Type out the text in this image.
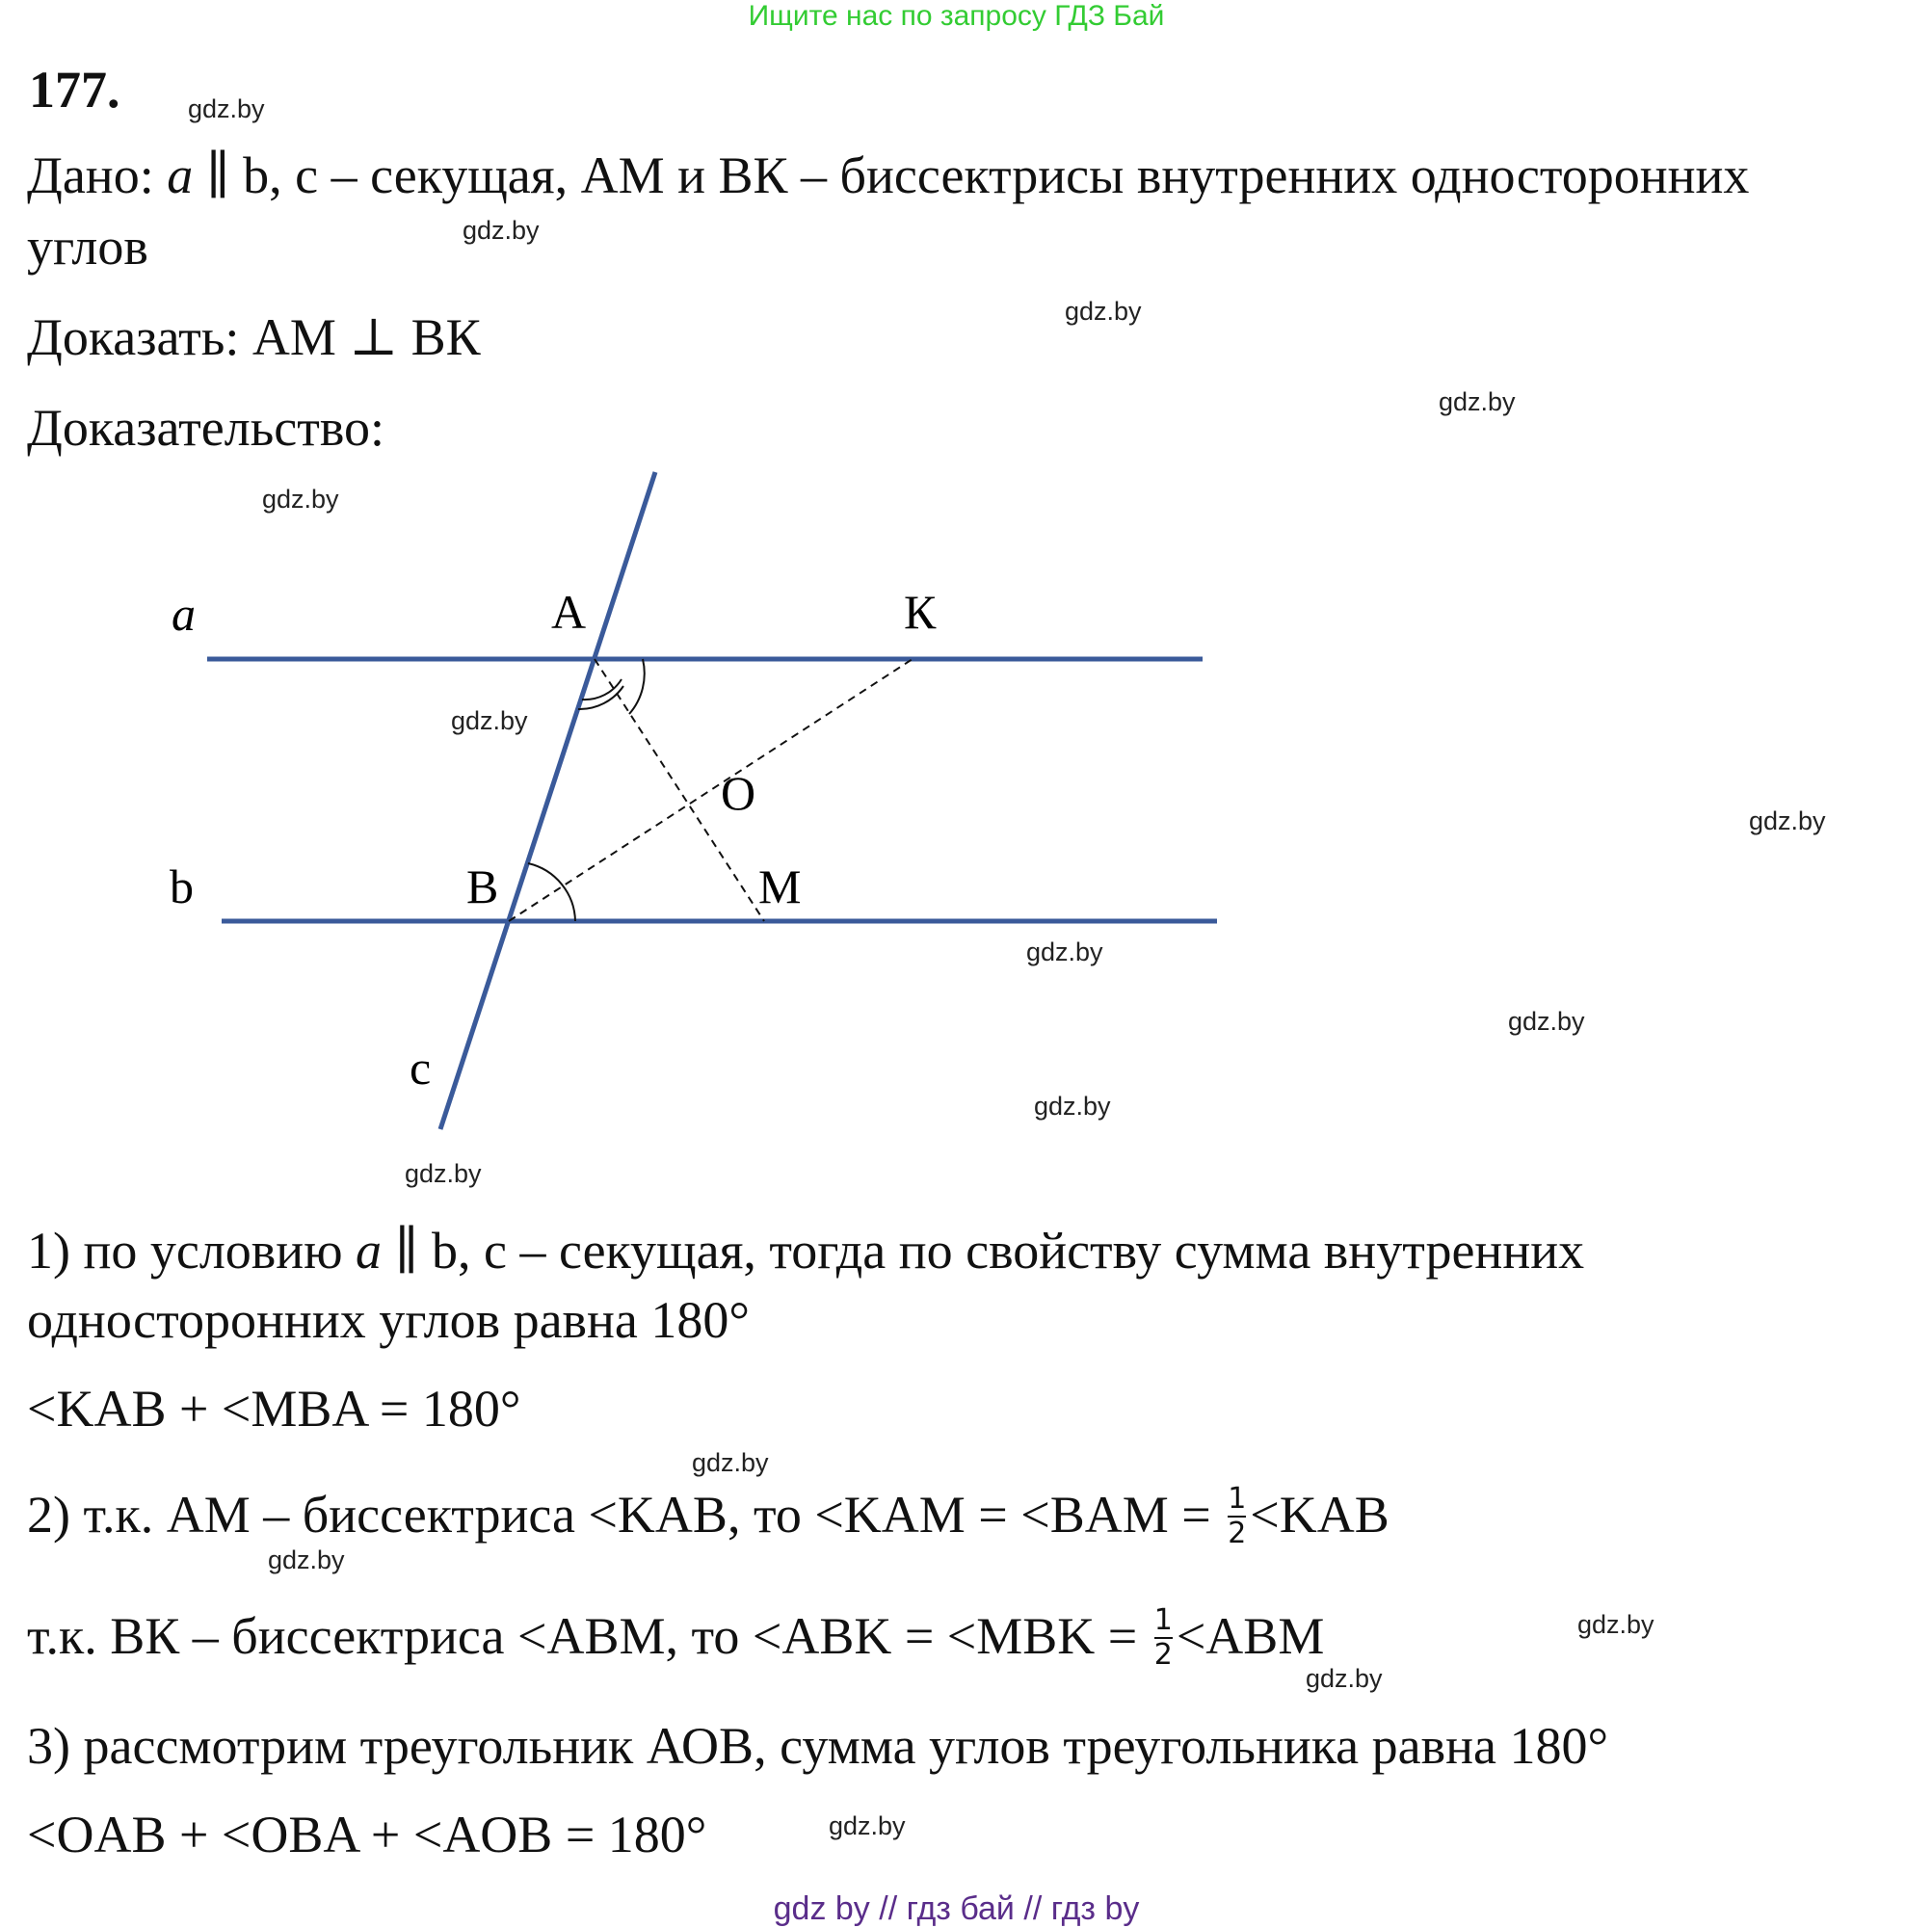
Ищите нас по запросу ГДЗ Бай
177.	gdz.by
gdz.by
gdz.by
gdz.by
gdz.by
gdz.by
gdz.by
gdz.by
gdz.by
gdz.by
gdz.by
gdz.by
gdz.by
gdz.by
gdz.by
gdz.by
Дано: a ∥ b, c – секущая, АМ и ВК – биссектрисы внутренних односторонних
углов
Доказать: АМ ⊥ ВК
Доказательство:
a
b
c
A	К
O
B	M
1) по условию a ∥ b, c – секущая, тогда по свойству сумма внутренних
односторонних углов равна 180°
<KAB + <MBA = 180°
2) т.к. АМ – биссектриса <KAB, то $<KAM = <BAM = \frac{1}{2} <KAB$
т.к. ВК – биссектриса <ABM, то $<ABK = <MBK = \frac{1}{2} <ABM$
3) рассмотрим треугольник АОВ, сумма углов треугольника равна 180°
<OAB + <OBA + <AOB = 180°
gdz by // гдз бай // гдз by
